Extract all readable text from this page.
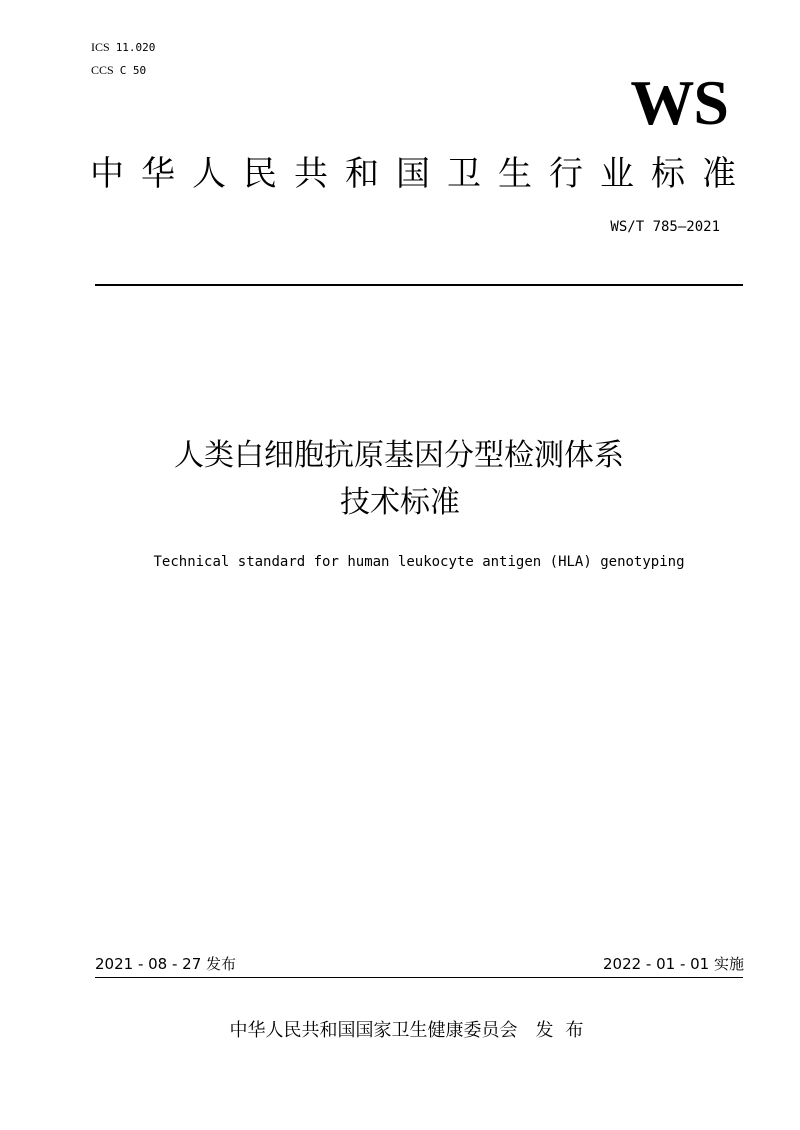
ICS 11.020
CCS C 50	WS
中 华 人 民 共 和 国 卫 生 行 业 标 准
WS/T 785—2021
人类白细胞抗原基因分型检测体系
技术标准
Technical standard for human leukocyte antigen (HLA) genotyping
2021 - 08 - 27 发布	2022 - 01 - 01 实施
中华人民共和国国家卫生健康委员会 发布
